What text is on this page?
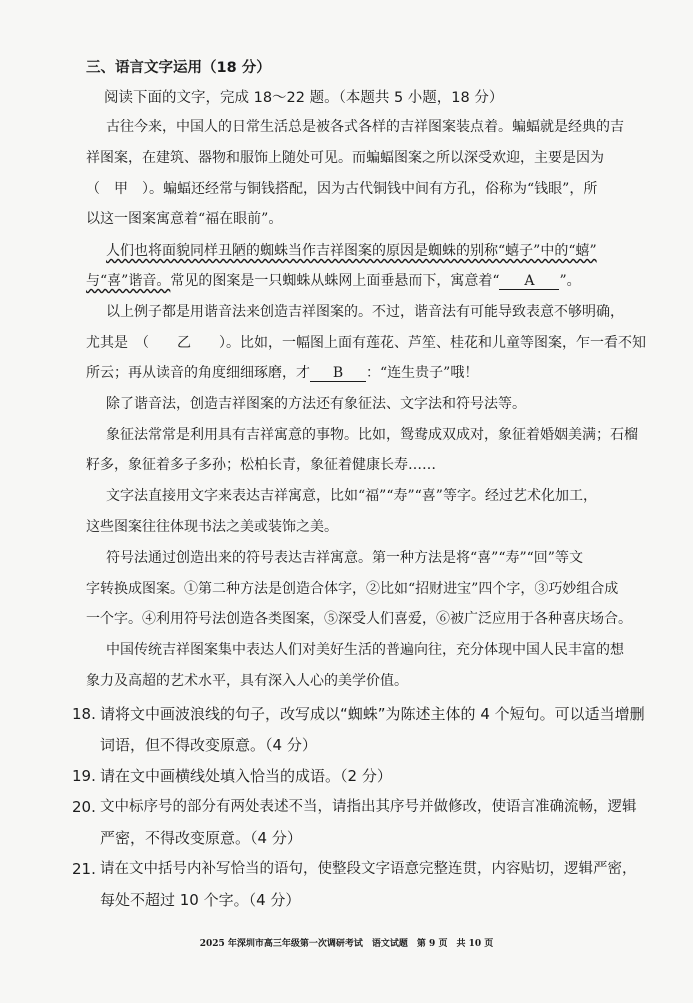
三、语言文字运用（18 分）
阅读下面的文字，完成 18～22 题。（本题共 5 小题，18 分）
古往今来，中国人的日常生活总是被各式各样的吉祥图案装点着。蝙蝠就是经典的吉
祥图案，在建筑、器物和服饰上随处可见。而蝙蝠图案之所以深受欢迎，主要是因为
（　甲　）。蝙蝠还经常与铜钱搭配，因为古代铜钱中间有方孔，俗称为“钱眼”，所
以这一图案寓意着“福在眼前”。
人们也将面貌同样丑陋的蜘蛛当作吉祥图案的原因是蜘蛛的别称“蟢子”中的“蟢”
与“喜”谐音。常见的图案是一只蜘蛛从蛛网上面垂悬而下，寓意着“ A ”。
以上例子都是用谐音法来创造吉祥图案的。不过，谐音法有可能导致表意不够明确，
尤其是　（　　乙　　）。比如，一幅图上面有莲花、芦笙、桂花和儿童等图案，乍一看不知
所云；再从读音的角度细细琢磨，才 B ：“连生贵子”哦！
除了谐音法，创造吉祥图案的方法还有象征法、文字法和符号法等。
象征法常常是利用具有吉祥寓意的事物。比如，鸳鸯成双成对，象征着婚姻美满；石榴
籽多，象征着多子多孙；松柏长青，象征着健康长寿……
文字法直接用文字来表达吉祥寓意，比如“福”“寿”“喜”等字。经过艺术化加工，
这些图案往往体现书法之美或装饰之美。
符号法通过创造出来的符号表达吉祥寓意。第一种方法是将“喜”“寿”“回”等文
字转换成图案。①第二种方法是创造合体字，②比如“招财进宝”四个字，③巧妙组合成
一个字。④利用符号法创造各类图案，⑤深受人们喜爱，⑥被广泛应用于各种喜庆场合。
中国传统吉祥图案集中表达人们对美好生活的普遍向往，充分体现中国人民丰富的想
象力及高超的艺术水平，具有深入人心的美学价值。
18. 请将文中画波浪线的句子，改写成以“蜘蛛”为陈述主体的 4 个短句。可以适当增删
词语，但不得改变原意。（4 分）
19. 请在文中画横线处填入恰当的成语。（2 分）
20. 文中标序号的部分有两处表述不当，请指出其序号并做修改，使语言准确流畅，逻辑
严密，不得改变原意。（4 分）
21. 请在文中括号内补写恰当的语句，使整段文字语意完整连贯，内容贴切，逻辑严密，
每处不超过 10 个字。（4 分）
2025 年深圳市高三年级第一次调研考试　语文试题　第 9 页　共 10 页
